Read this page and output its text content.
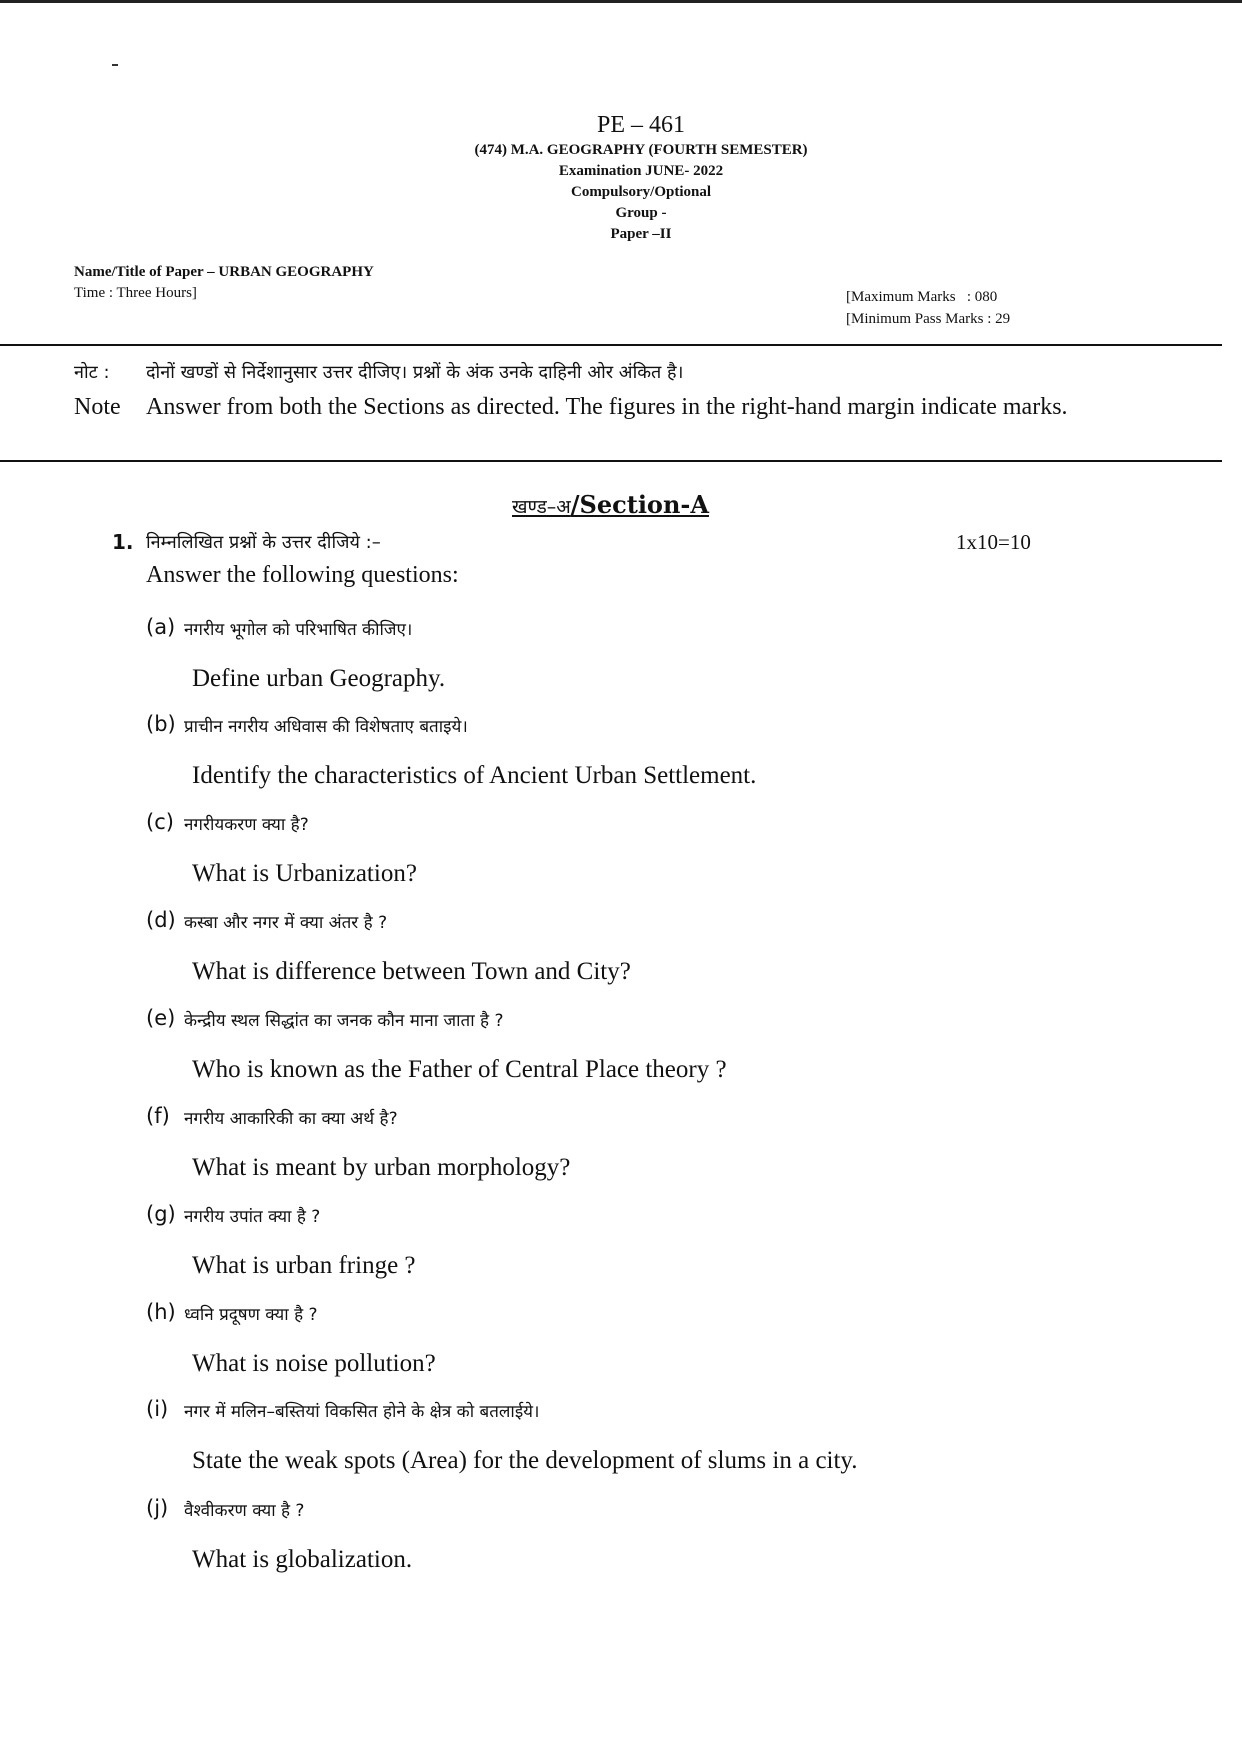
PE – 461
(474) M.A. GEOGRAPHY (FOURTH SEMESTER)
Examination JUNE- 2022
Compulsory/Optional
Group -
Paper –II
Name/Title of Paper – URBAN GEOGRAPHY
Time : Three Hours]	[Maximum Marks   : 080
[Minimum Pass Marks : 29
नोट : दोनों खण्डों से निर्देशानुसार उत्तर दीजिए। प्रश्नों के अंक उनके दाहिनी ओर अंकित है।
Note Answer from both the Sections as directed. The figures in the right-hand margin indicate marks.
खण्ड–अ/Section-A
1. निम्नलिखित प्रश्नों के उत्तर दीजिये :–	1x10=10
Answer the following questions:
(a) नगरीय भूगोल को परिभाषित कीजिए।
Define urban Geography.
(b) प्राचीन नगरीय अधिवास की विशेषताए बताइये।
Identify the characteristics of Ancient Urban Settlement.
(c) नगरीयकरण क्या है?
What is Urbanization?
(d) कस्बा और नगर में क्या अंतर है ?
What is difference between Town and City?
(e) केन्द्रीय स्थल सिद्धांत का जनक कौन माना जाता है ?
Who is known as the Father of Central Place theory ?
(f) नगरीय आकारिकी का क्या अर्थ है?
What is meant by urban morphology?
(g) नगरीय उपांत क्या है ?
What is urban fringe ?
(h) ध्वनि प्रदूषण क्या है ?
What is noise pollution?
(i) नगर में मलिन–बस्तियां विकसित होने के क्षेत्र को बतलाईये।
State the weak spots (Area) for the development of slums in a city.
(j) वैश्वीकरण क्या है ?
What is globalization.
